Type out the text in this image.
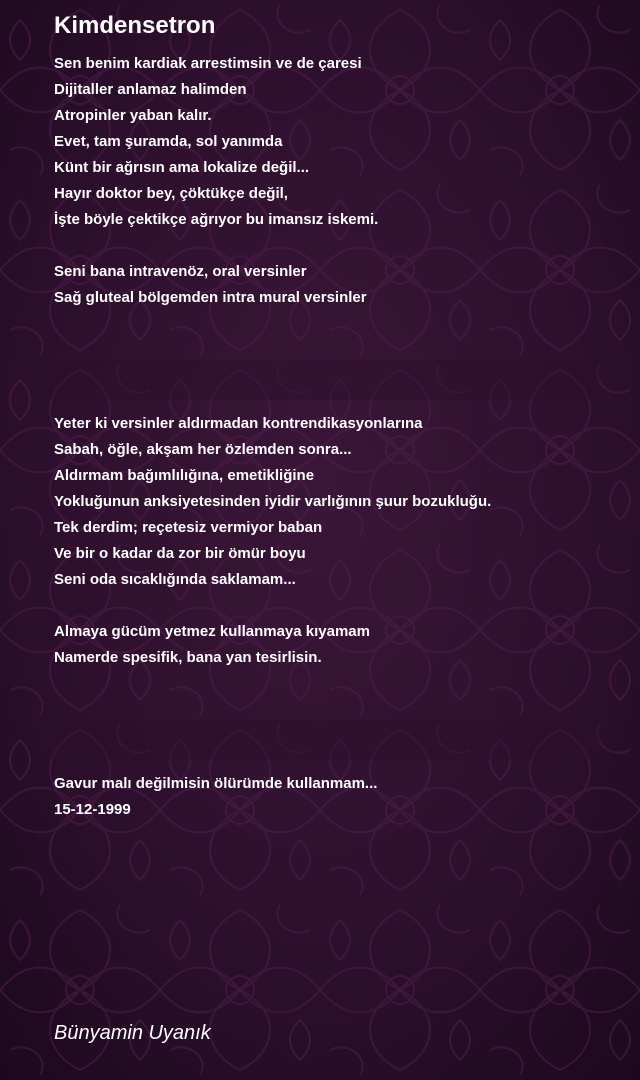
Kimdensetron
Sen benim kardiak arrestimsin ve de çaresi
Dijitaller anlamaz halimden
Atropinler yaban kalır.
Evet, tam şuramda, sol yanımda
Künt bir ağrısın ama lokalize değil...
Hayır doktor bey, çöktükçe değil,
İşte böyle çektikçe ağrıyor bu imansız iskemi.
Seni bana intravenöz, oral versinler
Sağ gluteal bölgemden intra mural versinler
Yeter ki versinler aldırmadan kontrendikasyonlarına
Sabah, öğle, akşam her özlemden sonra...
Aldırmam bağımlılığına, emetikliğine
Yokluğunun anksiyetesinden iyidir varlığının şuur bozukluğu.
Tek derdim; reçetesiz vermiyor baban
Ve bir o kadar da zor bir ömür boyu
Seni oda sıcaklığında saklamam...
Almaya gücüm yetmez kullanmaya kıyamam
Namerde spesifik, bana yan tesirlisin.
Gavur malı değilmisin ölürümde kullanmam...
15-12-1999

Bünyamin Uyanık
